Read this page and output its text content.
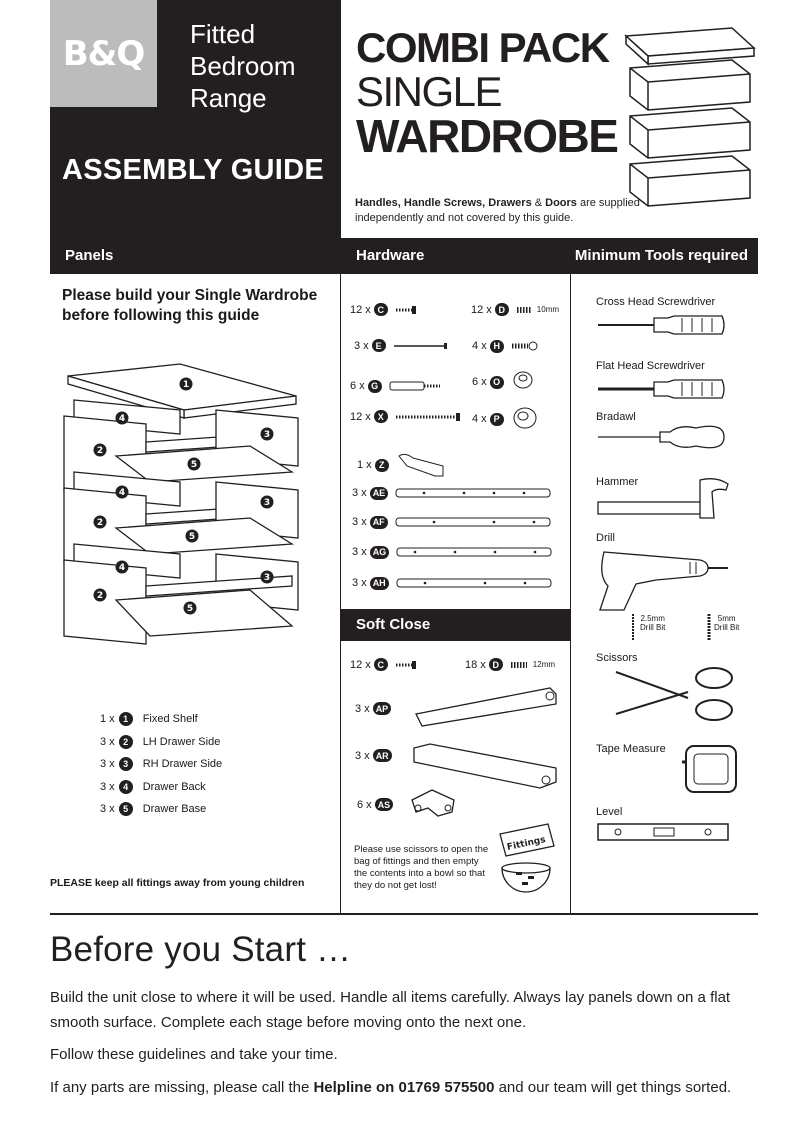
B&Q	Fitted
Bedroom
Range
ASSEMBLY GUIDE
COMBI PACK
SINGLE
WARDROBE
Handles, Handle Screws, Drawers & Doors are supplied independently and not covered by this guide.
Panels	Hardware	Minimum Tools required
Please build your Single Wardrobe before following this guide
1
4
3
2
5
4
3
2
5
4
3
2
5
1 x 1	Fixed Shelf
3 x 2	LH Drawer Side
3 x 3	RH Drawer Side
3 x 4	Drawer Back
3 x 5	Drawer Base
PLEASE keep all fittings away from young children
12 x C	12 x D	10mm
3 x E	4 x H
6 x G	6 x O
12 x X	4 x P
1 x Z
3 x AE
3 x AF
3 x AG
3 x AH
Soft Close
12 x C	18 x D	12mm
3 x AP
3 x AR
6 x AS
Please use scissors to open the bag of fittings and then empty the contents into a bowl so that they do not get lost!
Fittings
Cross Head Screwdriver
Flat Head Screwdriver
Bradawl
Hammer
Drill
2.5mm
Drill Bit
5mm
Drill Bit
Scissors
Tape Measure
Level
Before you Start …
Build the unit close to where it will be used. Handle all items carefully. Always lay panels down on a flat smooth surface. Complete each stage before moving onto the next one.
Follow these guidelines and take your time.
If any parts are missing, please call the Helpline on 01769 575500 and our team will get things sorted.
